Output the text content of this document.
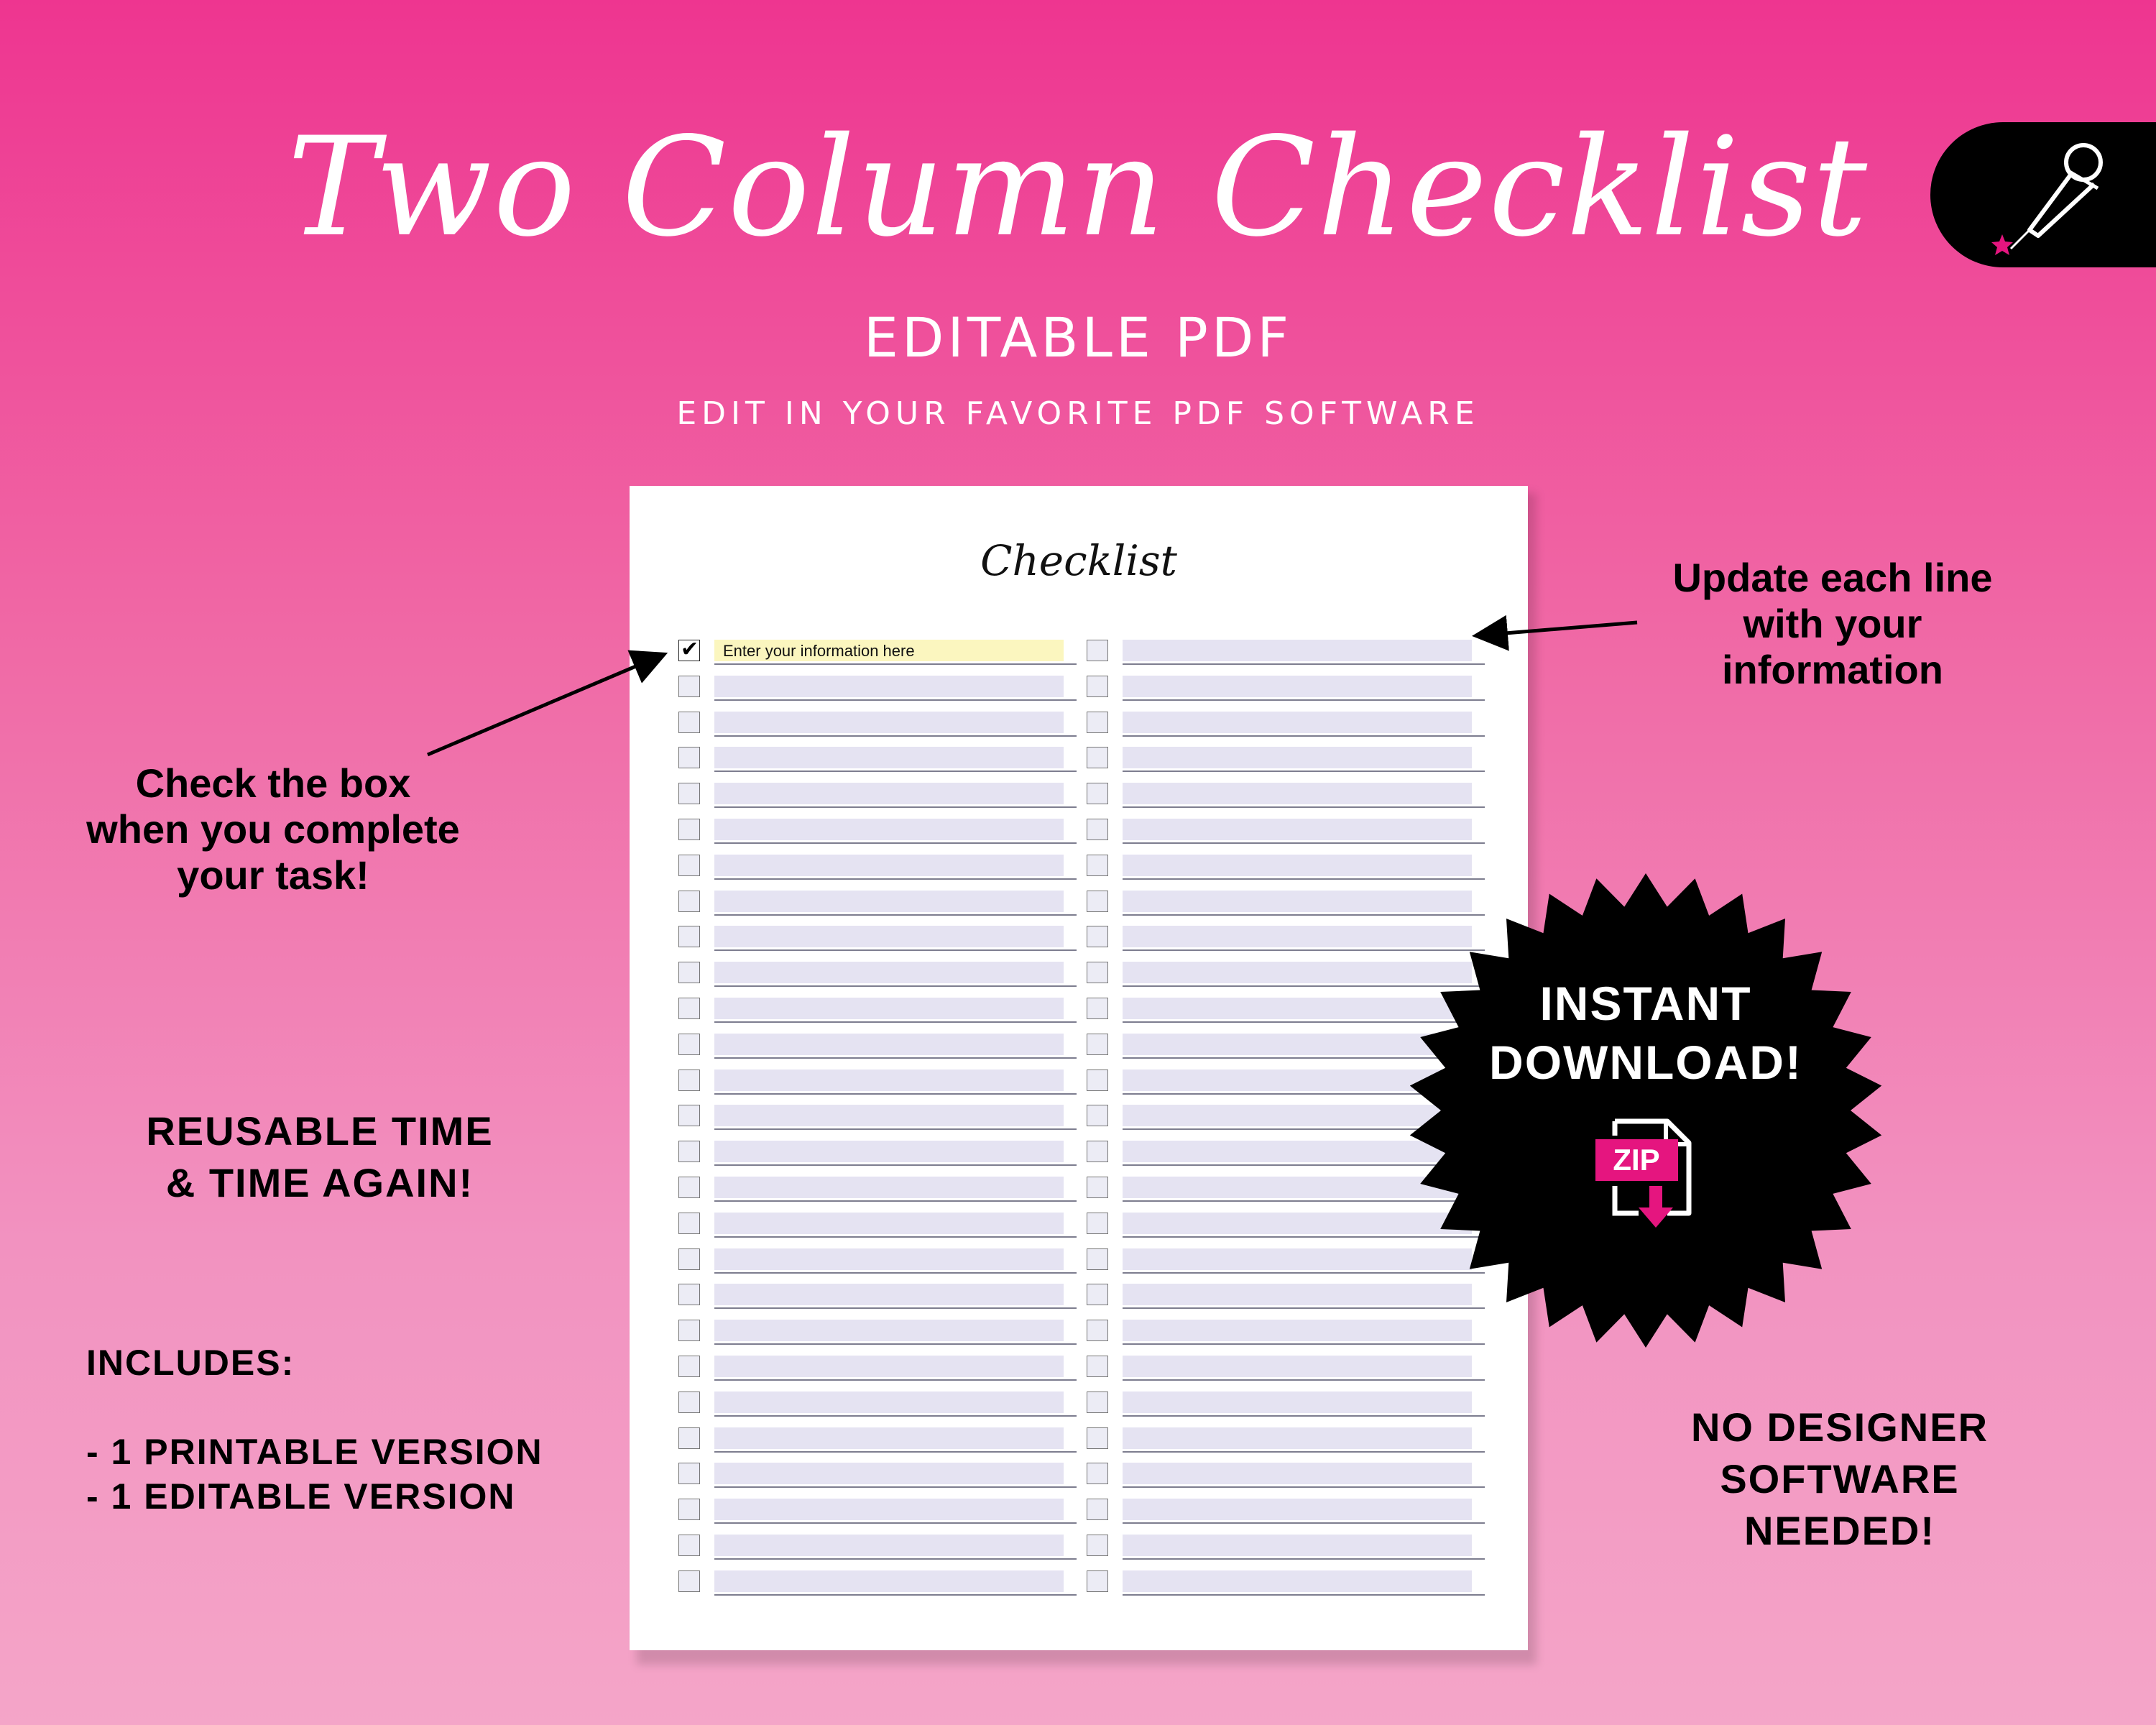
Two Column Checklist
EDITABLE PDF
EDIT IN YOUR FAVORITE PDF SOFTWARE
Checklist
✔ Enter your information here
Check the box when you complete your task!
REUSABLE TIME
& TIME AGAIN!
INCLUDES:
- 1 PRINTABLE VERSION
- 1 EDITABLE VERSION
Update each line with your information
NO DESIGNER
SOFTWARE
NEEDED!
ZIP
INSTANT
DOWNLOAD!
